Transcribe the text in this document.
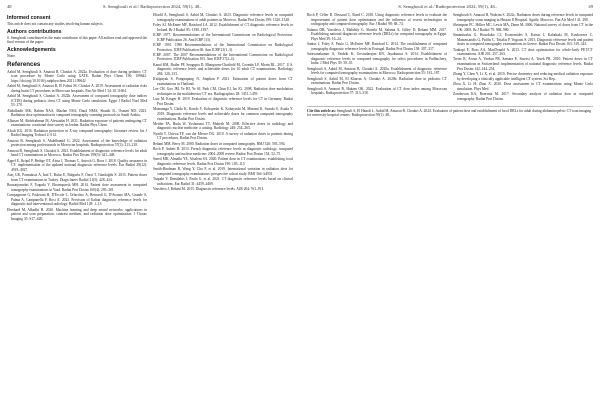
48	S. Semghouli et al./ Radioprotection 2024, 59(1), 48–
Informed consent

This article does not contain any studies involving human subjects.

Authors contributions

S. Semghouli contributed as the main contributor of this paper. All authors read and approved the final version of the paper.

Acknowledgements

None.

References

Aabid M, Semghouli S, Amaoui B, Choukri A. 2022a. Evaluation of dose during pediatric CT scan procedure by Monte Carlo using GATE. Radiat Phys Chem 190: 109642. https://doi.org/10.1016/j.radphyschem.2021.109642

Aabid M, Semghouli S, Amaoui B, El Fahssi M, Choukri A. 2019. Assessment of radiation risks during brain CT procedures in Moroccan hospitals. Pan Afr Med J 34: 10.11604.

Aabid M, Semghouli S, Choukri A. 2022b. Assessment of computed tomography dose indices (CTDI) during pediatric chest CT using Monte Carlo simulation. Egypt J Radiol Nucl Med 53: 270.

Abdulkadir MK, Rahim NAA, Mazlan NSA, Daud NMA, Shuaib IL, Osman ND. 2023. Radiation dose optimization in computed tomography scanning protocols in Saudi Arabia.

Alhasan M, Abdelrahman M, Alewaidat H. 2021. Radiation exposure of patients undergoing CT examinations: a national dose survey in Jordan. Radiat Phys Chem.

Alsafi KG. 2016. Radiation protection in X-ray computed tomography: literature review. Int J Radiol Imaging Technol 2: 014.

Amaoui B, Semghouli S, Abdelhamid G. 2022. Assessment of the knowledge of radiation protection among professionals in Moroccan hospitals. Radioprotection 57(3): 213–218.

Amaoui B, Semghouli S, Choukri A. 2023. Establishment of diagnostic reference levels for adult head CT examinations in Morocco. Radiat Prot Dosim 199(5): 441–448.

Appel E, Kröpil P, Bethge OT, Aissa J, Thomas C, Antoch G, Boos J. 2018. Quality assurance in CT: implementation of the updated national diagnostic reference levels. Eur Radiol 28(12): 4919–4927.

Ataç GK, Parmaksız A, İnal T, Bulur E, Bulgurlu F, Öncü T, Gündoğdu S. 2015. Patient doses from CT examinations in Turkey. Diagn Interv Radiol 21(5): 428–434.

Bouzarjomehri F, Tsapaki V, Ehrampoosh MH. 2014. Patient dose assessment in computed tomography examinations in Yazd. Radiat Prot Dosim 160(4): 295–301.

Compagnone G, Padovani R, D'Ercole L, Orlacchio A, Bernardi G, D'Avanzo MA, Grande S, Palma A, Campanella F, Rosi A. 2023. Provision of Italian diagnostic reference levels for diagnostic and interventional radiology. Radiol Med 128: 1–13.

Eberhard M, Alkadhi H. 2020. Machine learning and deep neural networks: applications in patient and scan preparation, contrast medium, and radiation dose optimization. J Thorac Imaging 35: S17–S20.

Elfadil A, Semghouli S, Aabid M, Choukri A. 2023. Diagnostic reference levels in computed tomography examinations of adult patients in Morocco. Radiat Prot Dosim 199: 1320–1328.

Foley SJ, McEntee MF, Rainford LA. 2012. Establishment of CT diagnostic reference levels in Ireland. Br J Radiol 85: 1390–1397.

ICRP. 1977. Recommendations of the International Commission on Radiological Protection. ICRP Publication 26. Ann ICRP 1(3).

ICRP. 1991. 1990 Recommendations of the International Commission on Radiological Protection. ICRP Publication 60. Ann ICRP 21(1–3).

ICRP. 2007. The 2007 Recommendations of the International Commission on Radiological Protection. ICRP Publication 103. Ann ICRP 37(2–4).

Kanal KM, Butler PF, Sengupta D, Bhargavan-Chatfield M, Coombs LP, Morin RL. 2017. U.S. diagnostic reference levels and achievable doses for 10 adult CT examinations. Radiology 284: 120–133.

Kittipayak S, Pongnapang N, Jiraphan P. 2021. Estimation of patient doses from CT examinations in Thailand.

Lee CH, Goo JM, Ye HJ, Ye SJ, Park CM, Chun EJ, Im JG. 2008. Radiation dose modulation techniques in the multidetector CT era. Radiographics 28: 1451–1459.

Lutz M, Kruger H. 2019. Evaluation of diagnostic reference levels for CT in Germany. Radiat Prot Dosim.

Matsunaga Y, Chida K, Kondo Y, Kobayashi K, Kobayashi M, Minami K, Suzuki S, Asada Y. 2019. Diagnostic reference levels and achievable doses for common computed tomography examinations. Radiat Prot Dosim.

Mettler FA, Huda W, Yoshizumi TT, Mahesh M. 2008. Effective doses in radiology and diagnostic nuclear medicine: a catalog. Radiology 248: 254–263.

Nyathi T, Chirwa TF, van der Merwe DG. 2010. A survey of radiation doses to patients during CT procedures. Radiat Prot Dosim.

Rehani MM, Berry M. 2000. Radiation doses in computed tomography. BMJ 320: 593–594.

Roch P, Aubert B. 2013. French diagnostic reference levels in diagnostic radiology, computed tomography and nuclear medicine: 2004–2008 review. Radiat Prot Dosim 154: 52–75.

Saeed MK, Almalki YE, Alsalem SA. 2020. Patient dose in CT examinations: establishing local diagnostic reference levels. Radiat Prot Dosim 190: 105–115.

Smith-Bindman R, Wang Y, Chu P, et al. 2019. International variation in radiation dose for computed tomography examinations: prospective cohort study. BMJ 364: k4931.

Tsapaki V, Damilakis J, Paulo G, et al. 2021. CT diagnostic reference levels based on clinical indications. Eur Radiol 31: 4459–4469.

Vassileva J, Rehani M. 2015. Diagnostic reference levels. AJR 204: W1–W3.

S. Semghouli et al./ Radioprotection 2024, 59(1), 48–	49

Roch P, Célier D, Dessaud C, Etard C. 2018. Using diagnostic reference levels to evaluate the improvement of patient dose optimisation and the influence of recent technologies in radiography and computed tomography. Eur J Radiol 98: 68–74.

Salama DH, Vassileva J, Mahdaly G, Shawki M, Salama A, Gilley D, Rehani MM. 2017. Establishing national diagnostic reference levels (DRLs) for computed tomography in Egypt. Phys Med 39: 16–24.

Santos J, Foley S, Paulo G, McEntee MF, Rainford L. 2014. The establishment of computed tomography diagnostic reference levels in Portugal. Radiat Prot Dosim 158: 307–317.

Saravanakumar A, Vaideki K, Govindarajan KN, Jayakumar S. 2014. Establishment of diagnostic reference levels in computed tomography for select procedures in Pudhuchery, India. J Med Phys 39: 50–55.

Semghouli S, Aabid M, Amaoui B, Choukri A. 2020a. Establishment of diagnostic reference levels for computed tomography examinations in Morocco. Radioprotection 55: 181–187.

Semghouli S, Aabid M, El Kharras A, Choukri A. 2020b. Radiation dose in pediatric CT examinations. Radiat Prot Dosim.

Semghouli S, Amaoui B, Hakam OK. 2022. Evaluation of CT dose index among Moroccan hospitals. Radioprotection 57: 313–318.

Semghouli S, Amaoui B, Wakrim S. 2022c. Radiation doses during reference levels in computed tomography scans imaging in Hassan II Hospital, Agadir, Morocco. Pan Afr Med J 41: 290.

Shrimpton PC, Hillier MC, Lewis MA, Dunn M. 2006. National survey of doses from CT in the UK: 2003. Br J Radiol 79: 968–980.

Simantirakis G, Hourdakis CJ, Economides S, Kaisas I, Kalathaki M, Koukorava C, Manousaridis G, Pafilis C, Tritakis P, Vogiatzi S. 2015. Diagnostic reference levels and patient doses in computed tomography examinations in Greece. Radiat Prot Dosim 163: 319–324.

Tonkopi E, Ross AA, MacDonald A. 2013. CT dose optimization for whole-body PET/CT examinations. AJR 201: 257–263.

Treier R, Aroua A, Verdun FR, Samara E, Stuessi A, Trueb PR. 2010. Patient doses in CT examinations in Switzerland: implementation of national diagnostic reference levels. Radiat Prot Dosim 142: 244–254.

Zhang Y, Chen Y, Li X, et al. 2019. Precise dosimetry and reducing medical radiation exposure by developing a clinically applicable intelligent CT system. Sci Rep.

Zhou X, Li H, Zhao X. 2020. Dose assessment in CT examinations using Monte Carlo simulation. Phys Med.

Zondervan KA, Boersma M. 2017. Secondary analysis of radiation dose in computed tomography. Radiat Prot Dosim.

Cite this article as: Semghouli S, El Hamdi L, Aabid M, Amaoui B, Choukri A. 2024. Evaluation of patient dose and establishment of local DRLs for adult during abdominopelvic CT scan imaging for university hospital centers. Radioprotection 59(1): 48–
